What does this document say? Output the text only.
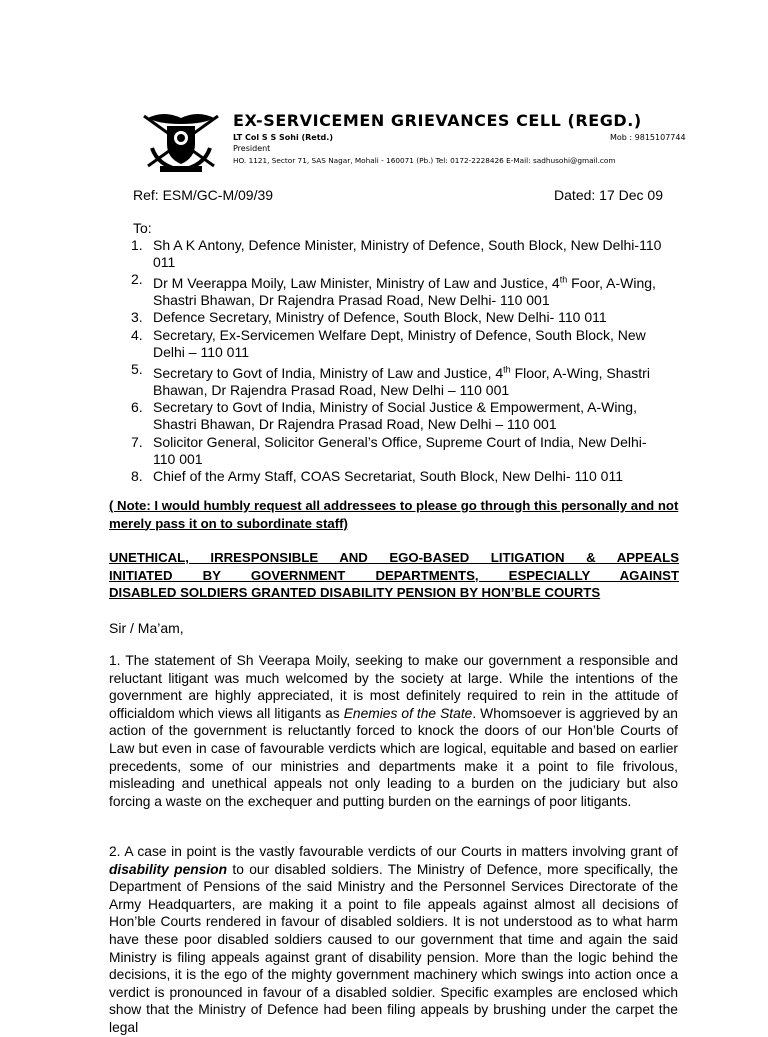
EX-SERVICEMEN GRIEVANCES CELL (REGD.)
LT Col S S Sohi (Retd.)	Mob : 9815107744
President
HO. 1121, Sector 71, SAS Nagar, Mohali - 160071 (Pb.) Tel: 0172-2228426 E-Mail: sadhusohi@gmail.com
Ref: ESM/GC-M/09/39	Dated: 17 Dec 09
To:
1. Sh A K Antony, Defence Minister, Ministry of Defence, South Block, New Delhi-110 011
2. Dr M Veerappa Moily, Law Minister, Ministry of Law and Justice, 4th Foor, A-Wing, Shastri Bhawan, Dr Rajendra Prasad Road, New Delhi- 110 001
3. Defence Secretary, Ministry of Defence, South Block, New Delhi- 110 011
4. Secretary, Ex-Servicemen Welfare Dept, Ministry of Defence, South Block, New Delhi – 110 011
5. Secretary to Govt of India, Ministry of Law and Justice, 4th Floor, A-Wing, Shastri Bhawan, Dr Rajendra Prasad Road, New Delhi – 110 001
6. Secretary to Govt of India, Ministry of Social Justice & Empowerment, A-Wing, Shastri Bhawan, Dr Rajendra Prasad Road, New Delhi – 110 001
7. Solicitor General, Solicitor General’s Office, Supreme Court of India, New Delhi- 110 001
8. Chief of the Army Staff, COAS Secretariat, South Block, New Delhi- 110 011
( Note: I would humbly request all addressees to please go through this personally and not merely pass it on to subordinate staff)
UNETHICAL, IRRESPONSIBLE AND EGO-BASED LITIGATION & APPEALS
INITIATED BY GOVERNMENT DEPARTMENTS, ESPECIALLY AGAINST
DISABLED SOLDIERS GRANTED DISABILITY PENSION BY HON’BLE COURTS
Sir / Ma’am,

1. The statement of Sh Veerapa Moily, seeking to make our government a responsible and reluctant litigant was much welcomed by the society at large. While the intentions of the government are highly appreciated, it is most definitely required to rein in the attitude of officialdom which views all litigants as Enemies of the State. Whomsoever is aggrieved by an action of the government is reluctantly forced to knock the doors of our Hon’ble Courts of Law but even in case of favourable verdicts which are logical, equitable and based on earlier precedents, some of our ministries and departments make it a point to file frivolous, misleading and unethical appeals not only leading to a burden on the judiciary but also forcing a waste on the exchequer and putting burden on the earnings of poor litigants.

2. A case in point is the vastly favourable verdicts of our Courts in matters involving grant of disability pension to our disabled soldiers. The Ministry of Defence, more specifically, the Department of Pensions of the said Ministry and the Personnel Services Directorate of the Army Headquarters, are making it a point to file appeals against almost all decisions of Hon’ble Courts rendered in favour of disabled soldiers. It is not understood as to what harm have these poor disabled soldiers caused to our government that time and again the said Ministry is filing appeals against grant of disability pension. More than the logic behind the decisions, it is the ego of the mighty government machinery which swings into action once a verdict is pronounced in favour of a disabled soldier. Specific examples are enclosed which show that the Ministry of Defence had been filing appeals by brushing under the carpet the legal
